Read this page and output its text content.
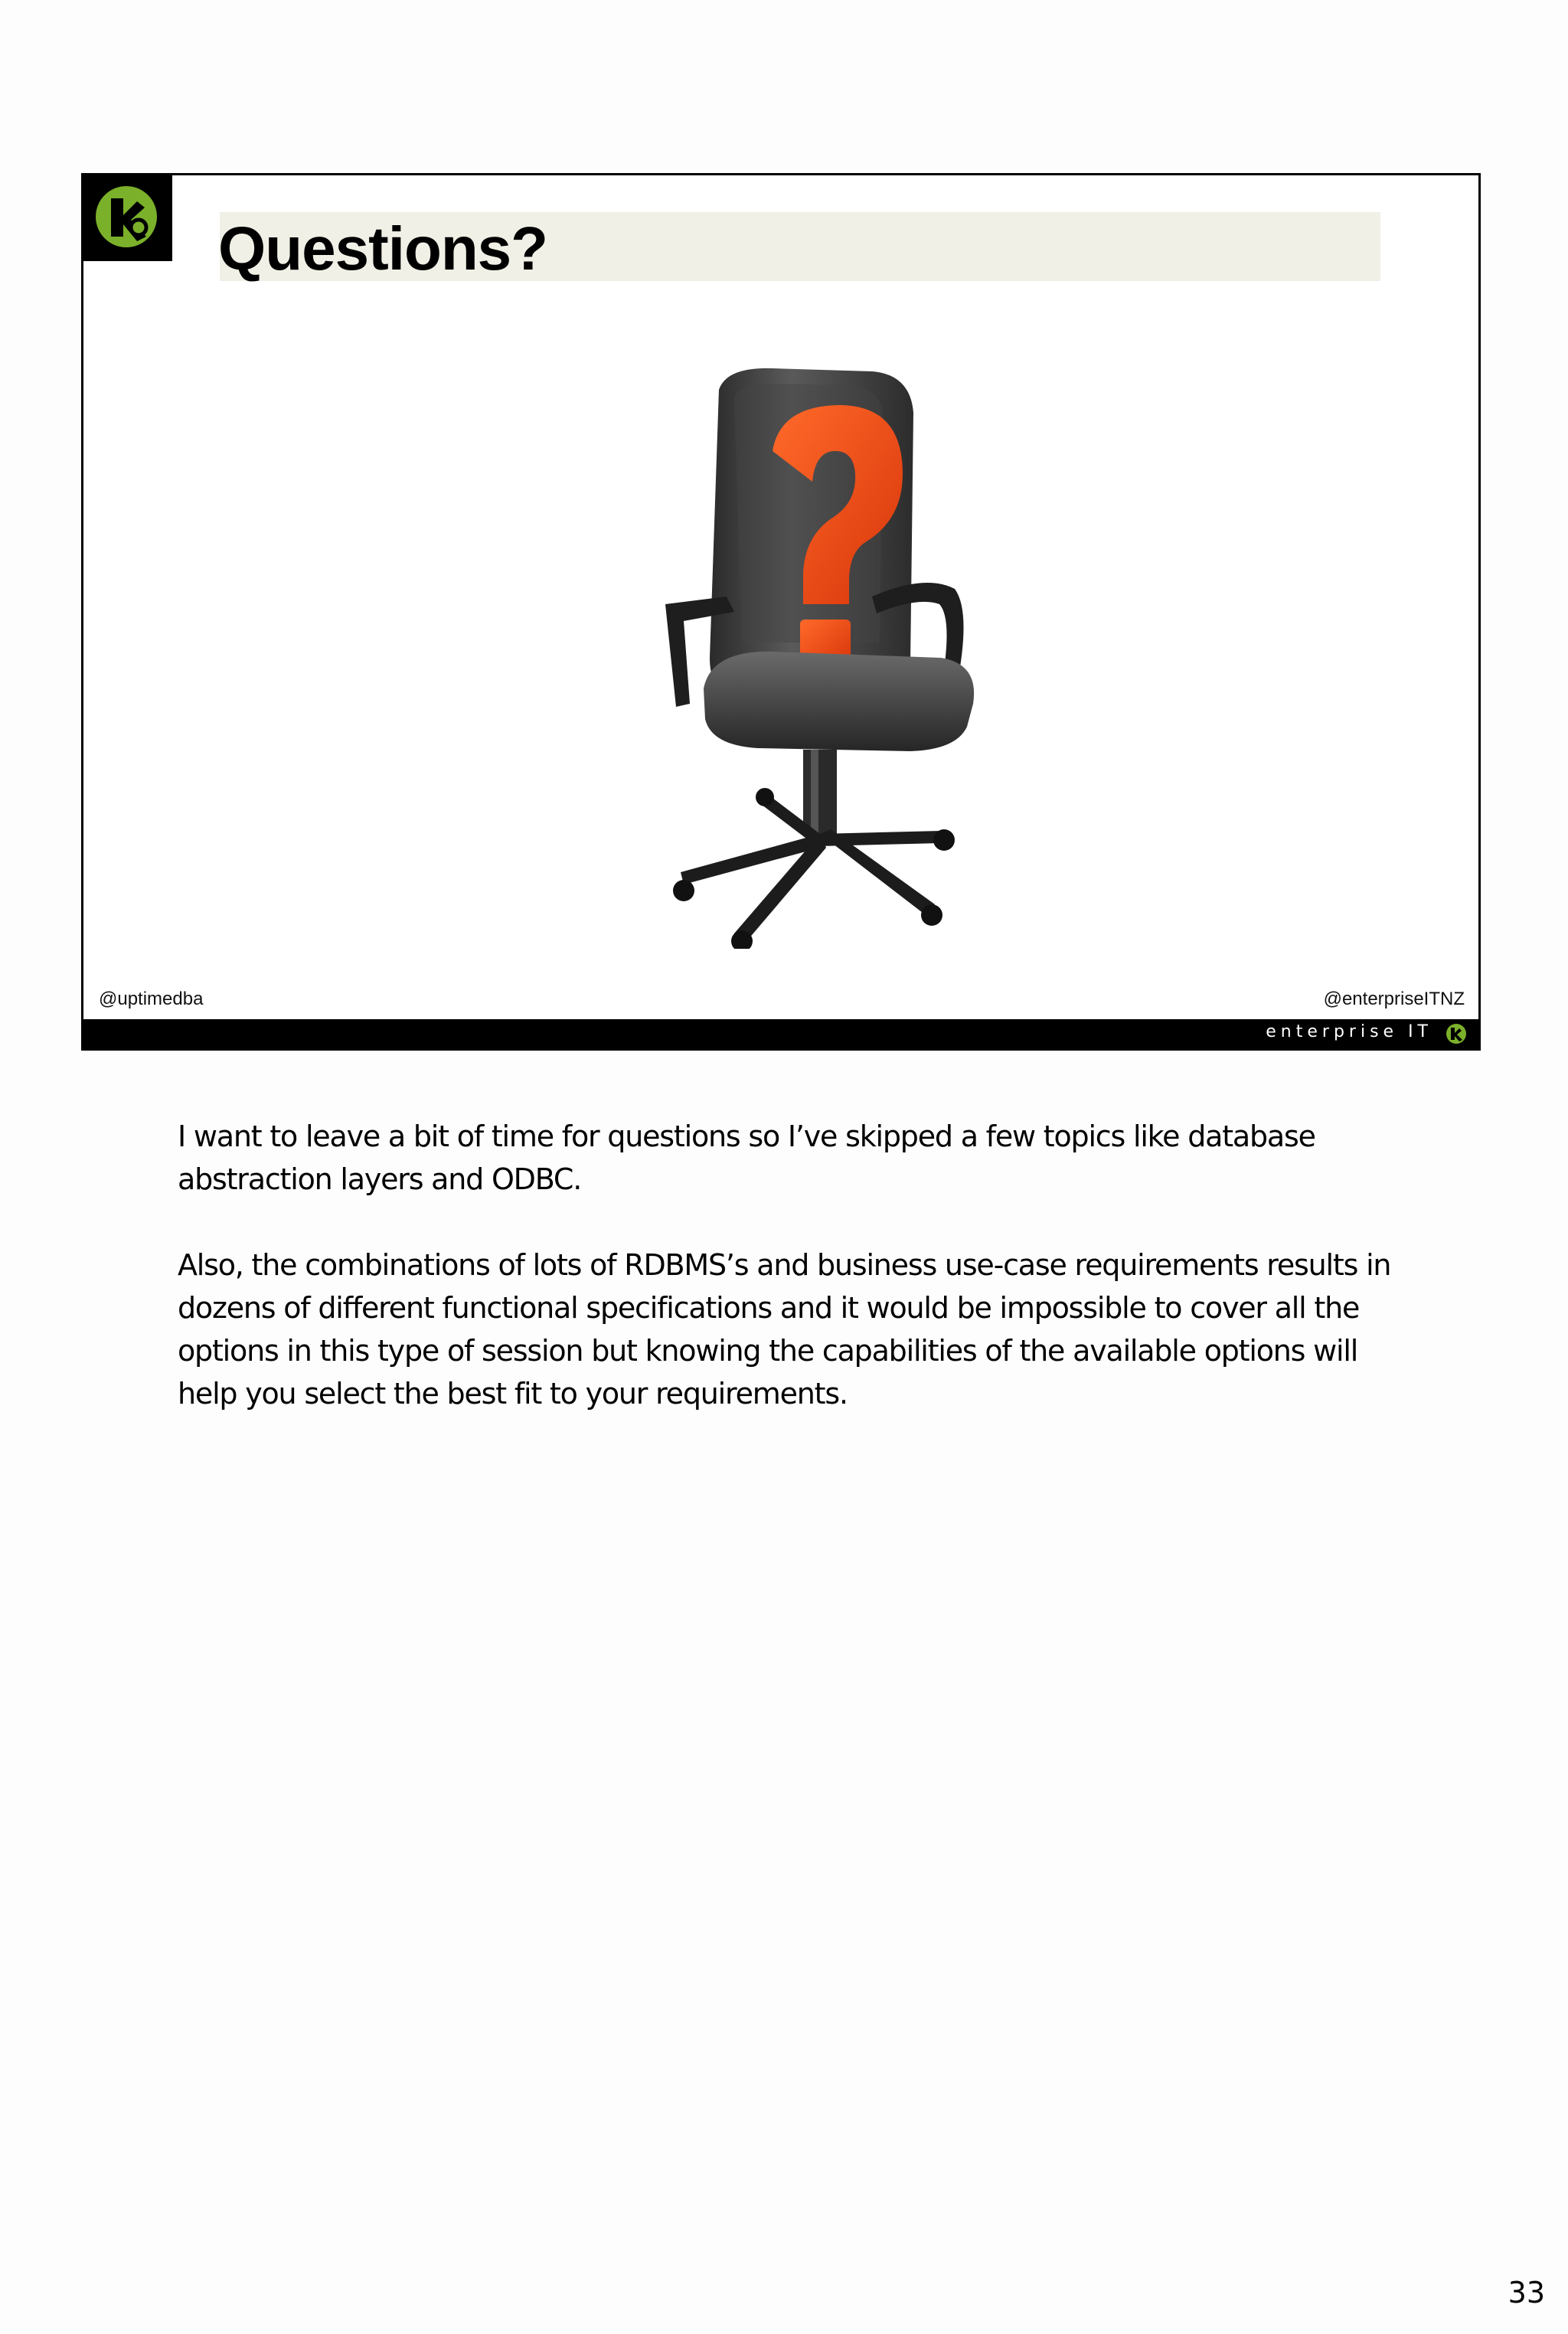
Questions?
@uptimedba	@enterpriseITNZ
enterprise IT

I want to leave a bit of time for questions so I’ve skipped a few topics like database abstraction layers and ODBC.

Also, the combinations of lots of RDBMS’s and business use-case requirements results in dozens of different functional specifications and it would be impossible to cover all the options in this type of session but knowing the capabilities of the available options will help you select the best fit to your requirements.

33
